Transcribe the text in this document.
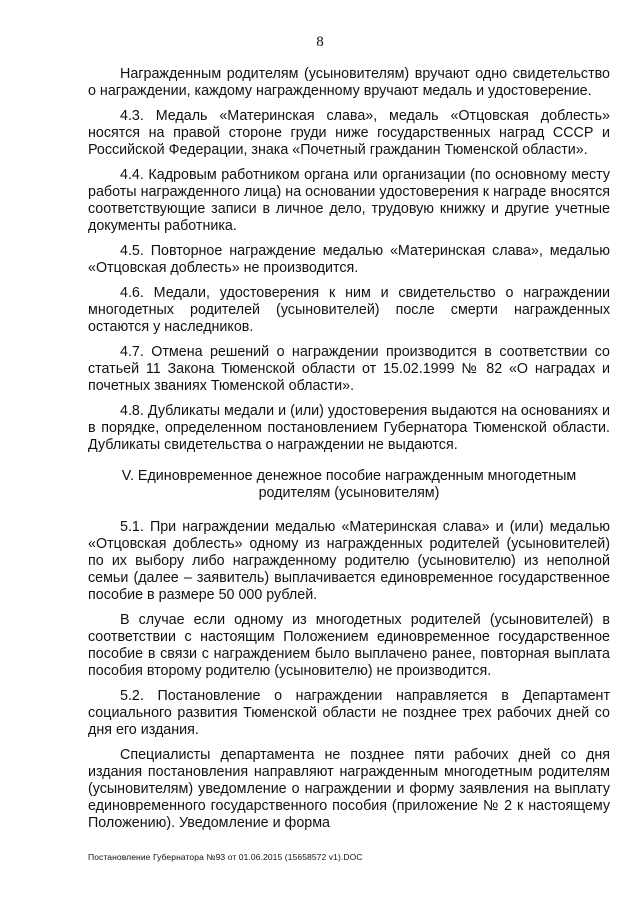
8

Награжденным родителям (усыновителям) вручают одно свидетельство о награждении, каждому награжденному вручают медаль и удостоверение.

4.3. Медаль «Материнская слава», медаль «Отцовская доблесть» носятся на правой стороне груди ниже государственных наград СССР и Российской Федерации, знака «Почетный гражданин Тюменской области».

4.4. Кадровым работником органа или организации (по основному месту работы награжденного лица) на основании удостоверения к награде вносятся соответствующие записи в личное дело, трудовую книжку и другие учетные документы работника.

4.5. Повторное награждение медалью «Материнская слава», медалью «Отцовская доблесть» не производится.

4.6. Медали, удостоверения к ним и свидетельство о награждении многодетных родителей (усыновителей) после смерти награжденных остаются у наследников.

4.7. Отмена решений о награждении производится в соответствии со статьей 11 Закона Тюменской области от 15.02.1999 № 82 «О наградах и почетных званиях Тюменской области».

4.8. Дубликаты медали и (или) удостоверения выдаются на основаниях и в порядке, определенном постановлением Губернатора Тюменской области. Дубликаты свидетельства о награждении не выдаются.

V. Единовременное денежное пособие награжденным многодетным родителям (усыновителям)

5.1. При награждении медалью «Материнская слава» и (или) медалью «Отцовская доблесть» одному из награжденных родителей (усыновителей) по их выбору либо награжденному родителю (усыновителю) из неполной семьи (далее – заявитель) выплачивается единовременное государственное пособие в размере 50 000 рублей.

В случае если одному из многодетных родителей (усыновителей) в соответствии с настоящим Положением единовременное государственное пособие в связи с награждением было выплачено ранее, повторная выплата пособия второму родителю (усыновителю) не производится.

5.2. Постановление о награждении направляется в Департамент социального развития Тюменской области не позднее трех рабочих дней со дня его издания.

Специалисты департамента не позднее пяти рабочих дней со дня издания постановления направляют награжденным многодетным родителям (усыновителям) уведомление о награждении и форму заявления на выплату единовременного государственного пособия (приложение № 2 к настоящему Положению). Уведомление и форма

Постановление Губернатора №93 от 01.06.2015 (15658572 v1).DOC
